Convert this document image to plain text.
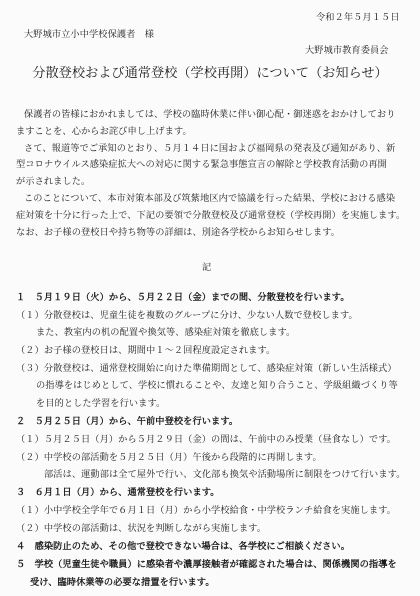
令和２年５月１５日
大野城市立小中学校保護者　様
大野城市教育委員会
分散登校および通常登校（学校再開）について（お知らせ）
保護者の皆様におかれましては、学校の臨時休業に伴い御心配・御迷惑をおかけしており
ますことを、心からお詫び申し上げます。
さて、報道等でご承知のとおり、５月１４日に国および福岡県の発表及び通知があり、新
型コロナウイルス感染症拡大への対応に関する緊急事態宣言の解除と学校教育活動の再開
が示されました。
このことについて、本市対策本部及び筑紫地区内で協議を行った結果、学校における感染
症対策を十分に行った上で、下記の要領で分散登校及び通常登校（学校再開）を実施します。
なお、お子様の登校日や持ち物等の詳細は、別途各学校からお知らせします。
記
１　５月１９日（火）から、５月２２日（金）までの間、分散登校を行います。
（１）分散登校は、児童生徒を複数のグループに分け、少ない人数で登校します。
また、教室内の机の配置や換気等、感染症対策を徹底します。
（２）お子様の登校日は、期間中１～２回程度設定されます。
（３）分散登校は、通常登校開始に向けた準備期間として、感染症対策（新しい生活様式）
の指導をはじめとして、学校に慣れることや、友達と知り合うこと、学級組織づくり等
を目的とした学習を行います。
２　５月２５日（月）から、午前中登校を行います。
（１）５月２５日（月）から５月２９日（金）の間は、午前中のみ授業（昼食なし）です。
（２）中学校の部活動を５月２５日（月）午後から段階的に再開します。
部活は、運動部は全て屋外で行い、文化部も換気や活動場所に制限をつけて行います。
３　６月１日（月）から、通常登校を行います。
（１）小中学校全学年で６月１日（月）から小学校給食・中学校ランチ給食を実施します。
（２）中学校の部活動は、状況を判断しながら実施します。
４　感染防止のため、その他で登校できない場合は、各学校にご相談ください。
５　学校（児童生徒や職員）に感染者や濃厚接触者が確認された場合は、関係機関の指導を
受け、臨時休業等の必要な措置を行います。
